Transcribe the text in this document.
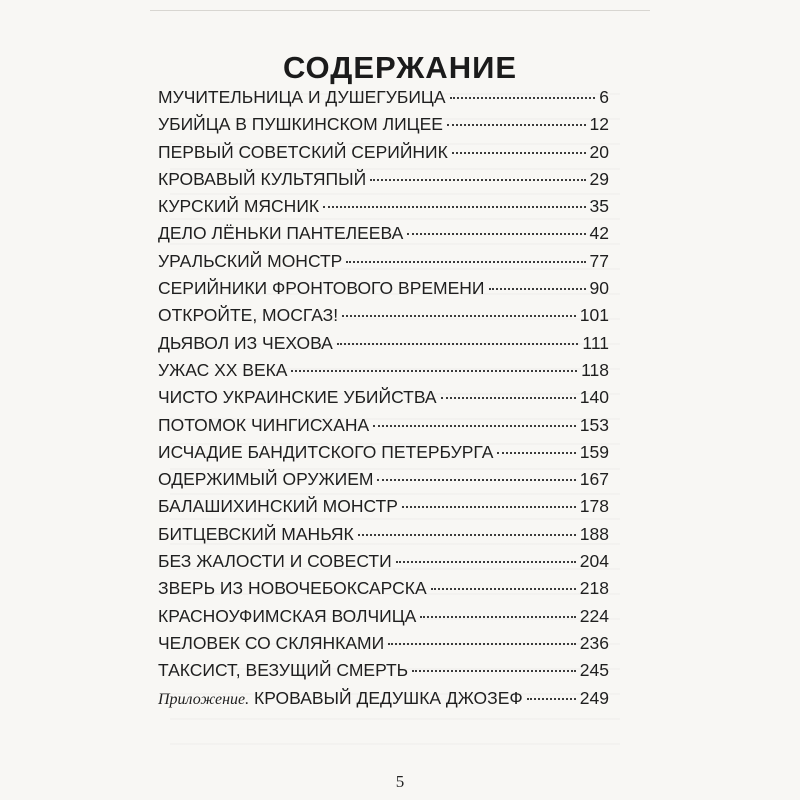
СОДЕРЖАНИЕ
МУЧИТЕЛЬНИЦА И ДУШЕГУБИЦА	6
УБИЙЦА В ПУШКИНСКОМ ЛИЦЕЕ	12
ПЕРВЫЙ СОВЕТСКИЙ СЕРИЙНИК	20
КРОВАВЫЙ КУЛЬТЯПЫЙ	29
КУРСКИЙ МЯСНИК	35
ДЕЛО ЛЁНЬКИ ПАНТЕЛЕЕВА	42
УРАЛЬСКИЙ МОНСТР	77
СЕРИЙНИКИ ФРОНТОВОГО ВРЕМЕНИ	90
ОТКРОЙТЕ, МОСГАЗ!	101
ДЬЯВОЛ ИЗ ЧЕХОВА	111
УЖАС XX ВЕКА	118
ЧИСТО УКРАИНСКИЕ УБИЙСТВА	140
ПОТОМОК ЧИНГИСХАНА	153
ИСЧАДИЕ БАНДИТСКОГО ПЕТЕРБУРГА	159
ОДЕРЖИМЫЙ ОРУЖИЕМ	167
БАЛАШИХИНСКИЙ МОНСТР	178
БИТЦЕВСКИЙ МАНЬЯК	188
БЕЗ ЖАЛОСТИ И СОВЕСТИ	204
ЗВЕРЬ ИЗ НОВОЧЕБОКСАРСКА	218
КРАСНОУФИМСКАЯ ВОЛЧИЦА	224
ЧЕЛОВЕК СО СКЛЯНКАМИ	236
ТАКСИСТ, ВЕЗУЩИЙ СМЕРТЬ	245
Приложение. КРОВАВЫЙ ДЕДУШКА ДЖОЗЕФ	249
5
